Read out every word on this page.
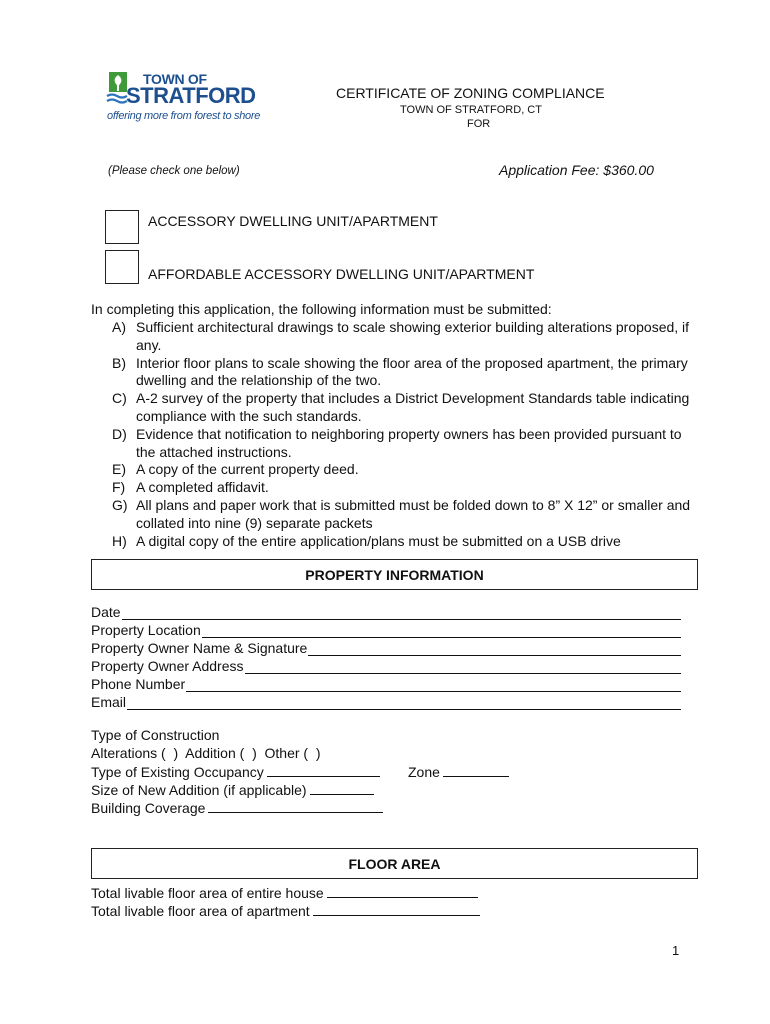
TOWN OF
STRATFORD
offering more from forest to shore
CERTIFICATE OF ZONING COMPLIANCE
TOWN OF STRATFORD, CT
FOR
(Please check one below)	Application Fee: $360.00
ACCESSORY DWELLING UNIT/APARTMENT
AFFORDABLE ACCESSORY DWELLING UNIT/APARTMENT
In completing this application, the following information must be submitted:
A) Sufficient architectural drawings to scale showing exterior building alterations proposed, if any.
B) Interior floor plans to scale showing the floor area of the proposed apartment, the primary dwelling and the relationship of the two.
C) A-2 survey of the property that includes a District Development Standards table indicating compliance with the such standards.
D) Evidence that notification to neighboring property owners has been provided pursuant to the attached instructions.
E) A copy of the current property deed.
F) A completed affidavit.
G) All plans and paper work that is submitted must be folded down to 8” X 12” or smaller and collated into nine (9) separate packets
H) A digital copy of the entire application/plans must be submitted on a USB drive
PROPERTY INFORMATION
Date
Property Location
Property Owner Name & Signature
Property Owner Address
Phone Number
Email
Type of Construction
Alterations (  )  Addition (  )  Other (  )
Type of Existing Occupancy	Zone
Size of New Addition (if applicable)
Building Coverage
FLOOR AREA
Total livable floor area of entire house
Total livable floor area of apartment
1
